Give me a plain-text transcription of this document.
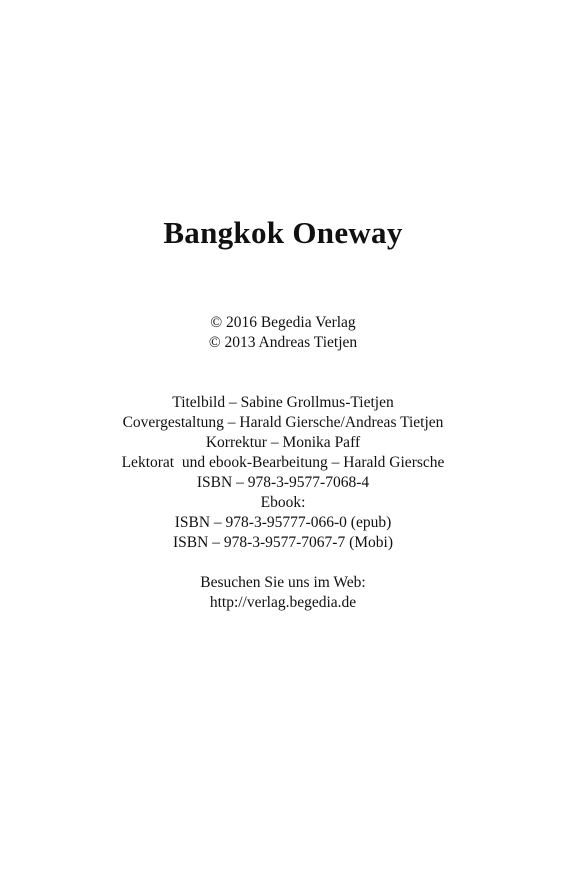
Bangkok Oneway
© 2016 Begedia Verlag
© 2013 Andreas Tietjen
Titelbild – Sabine Grollmus-Tietjen
Covergestaltung – Harald Giersche/Andreas Tietjen
Korrektur – Monika Paff
Lektorat  und ebook-Bearbeitung – Harald Giersche
ISBN – 978-3-9577-7068-4
Ebook:
ISBN – 978-3-95777-066-0 (epub)
ISBN – 978-3-9577-7067-7 (Mobi)
Besuchen Sie uns im Web:
http://verlag.begedia.de
